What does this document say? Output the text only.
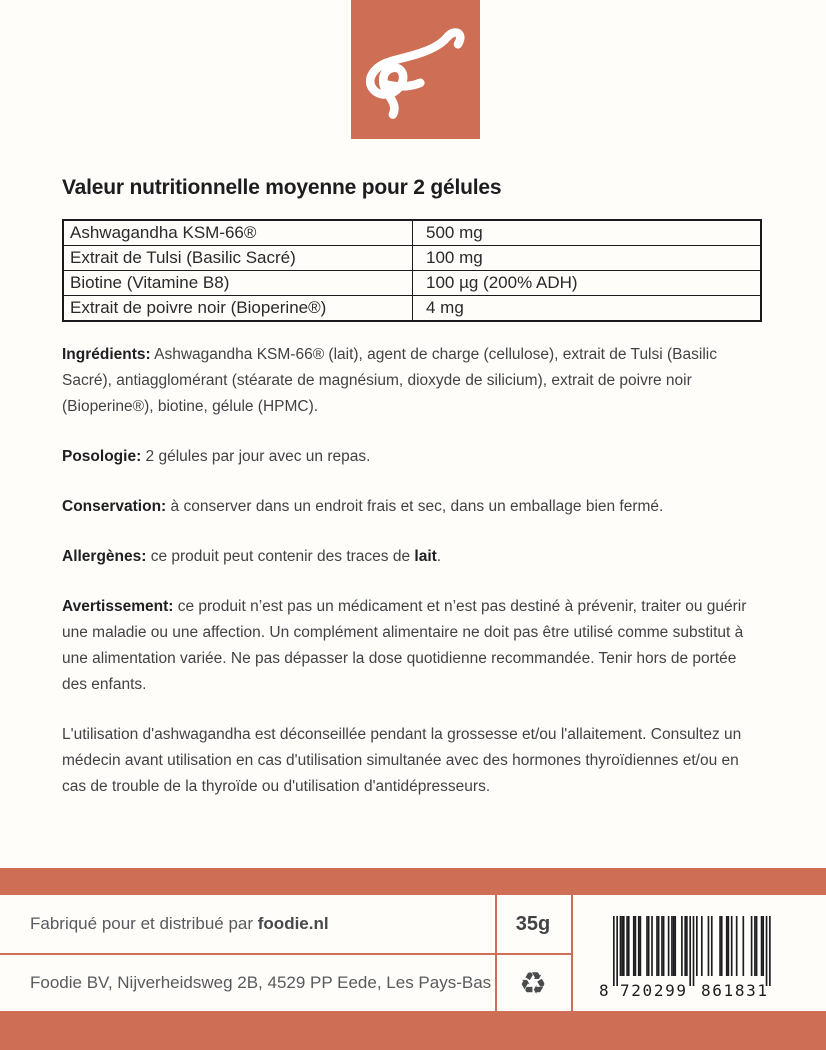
Valeur nutritionnelle moyenne pour 2 gélules
Ashwagandha KSM-66®	500 mg
Extrait de Tulsi (Basilic Sacré)	100 mg
Biotine (Vitamine B8)	100 µg (200% ADH)
Extrait de poivre noir (Bioperine®)	4 mg

Ingrédients: Ashwagandha KSM-66® (lait), agent de charge (cellulose), extrait de Tulsi (Basilic Sacré), antiagglomérant (stéarate de magnésium, dioxyde de silicium), extrait de poivre noir (Bioperine®), biotine, gélule (HPMC).

Posologie: 2 gélules par jour avec un repas.

Conservation: à conserver dans un endroit frais et sec, dans un emballage bien fermé.

Allergènes: ce produit peut contenir des traces de lait.

Avertissement: ce produit n’est pas un médicament et n’est pas destiné à prévenir, traiter ou guérir une maladie ou une affection. Un complément alimentaire ne doit pas être utilisé comme substitut à une alimentation variée. Ne pas dépasser la dose quotidienne recommandée. Tenir hors de portée des enfants.

L'utilisation d'ashwagandha est déconseillée pendant la grossesse et/ou l'allaitement. Consultez un médecin avant utilisation en cas d'utilisation simultanée avec des hormones thyroïdiennes et/ou en cas de trouble de la thyroïde ou d'utilisation d'antidépresseurs.

Fabriqué pour et distribué par
foodie.nl
Foodie BV, Nijverheidsweg 2B, 4529 PP Eede, Les Pays-Bas
35g
♻	8 720299 861831
